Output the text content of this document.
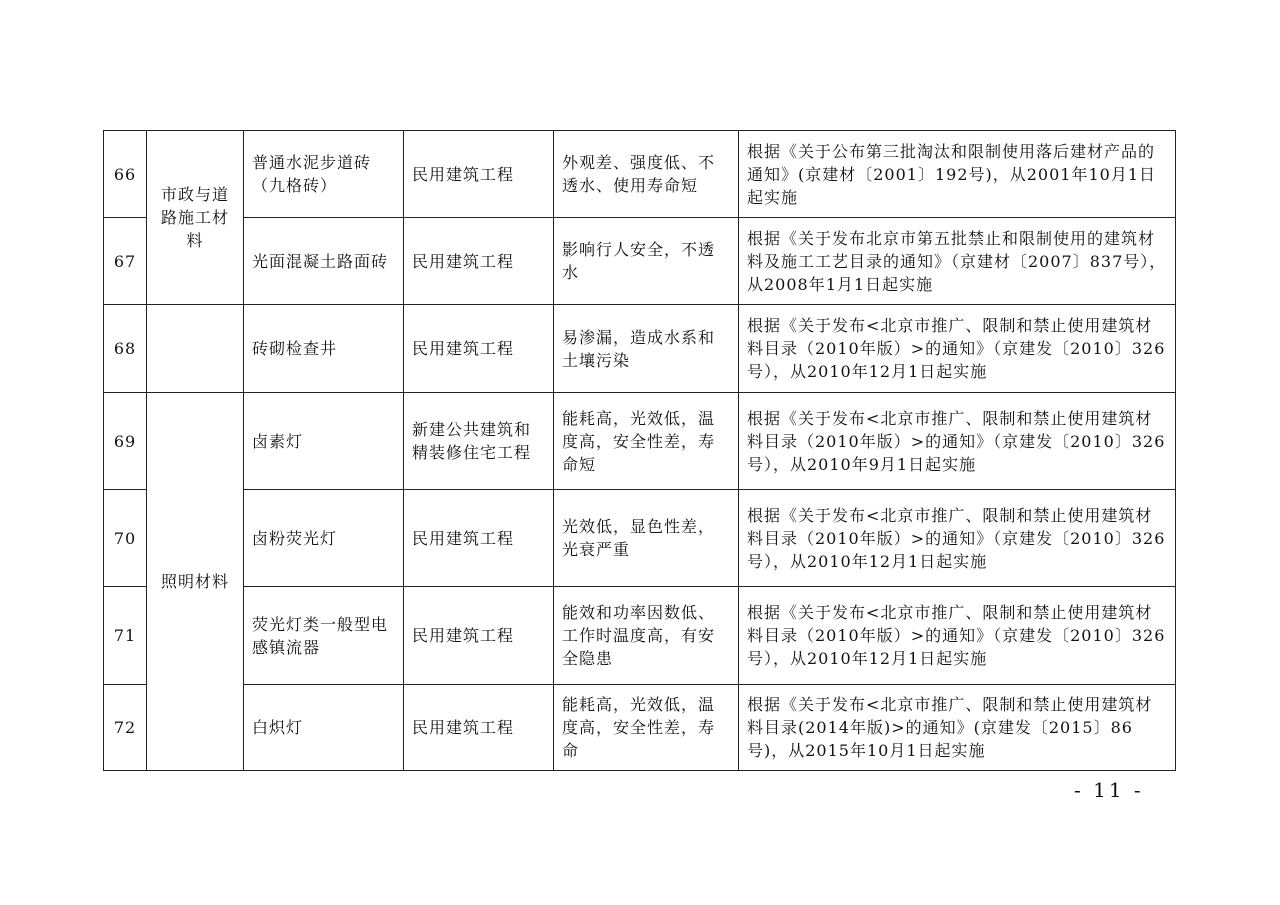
66	市政与道路施工材料	普通水泥步道砖（九格砖）	民用建筑工程	外观差、强度低、不透水、使用寿命短	根据《关于公布第三批淘汰和限制使用落后建材产品的通知》(京建材〔2001〕192号)，从2001年10月1日起实施
67		光面混凝土路面砖	民用建筑工程	影响行人安全，不透水	根据《关于发布北京市第五批禁止和限制使用的建筑材料及施工工艺目录的通知》（京建材〔2007〕837号），从2008年1月1日起实施
68		砖砌检查井	民用建筑工程	易渗漏，造成水系和土壤污染	根据《关于发布<北京市推广、限制和禁止使用建筑材料目录（2010年版）>的通知》（京建发〔2010〕326号），从2010年12月1日起实施
69	照明材料	卤素灯	新建公共建筑和精装修住宅工程	能耗高，光效低，温度高，安全性差，寿命短	根据《关于发布<北京市推广、限制和禁止使用建筑材料目录（2010年版）>的通知》（京建发〔2010〕326号），从2010年9月1日起实施
70		卤粉荧光灯	民用建筑工程	光效低，显色性差，光衰严重	根据《关于发布<北京市推广、限制和禁止使用建筑材料目录（2010年版）>的通知》（京建发〔2010〕326号），从2010年12月1日起实施
71		荧光灯类一般型电感镇流器	民用建筑工程	能效和功率因数低、工作时温度高，有安全隐患	根据《关于发布<北京市推广、限制和禁止使用建筑材料目录（2010年版）>的通知》（京建发〔2010〕326号），从2010年12月1日起实施
72		白炽灯	民用建筑工程	能耗高，光效低，温度高，安全性差，寿命	根据《关于发布<北京市推广、限制和禁止使用建筑材料目录(2014年版)>的通知》(京建发〔2015〕86号)，从2015年10月1日起实施
- 11 -
